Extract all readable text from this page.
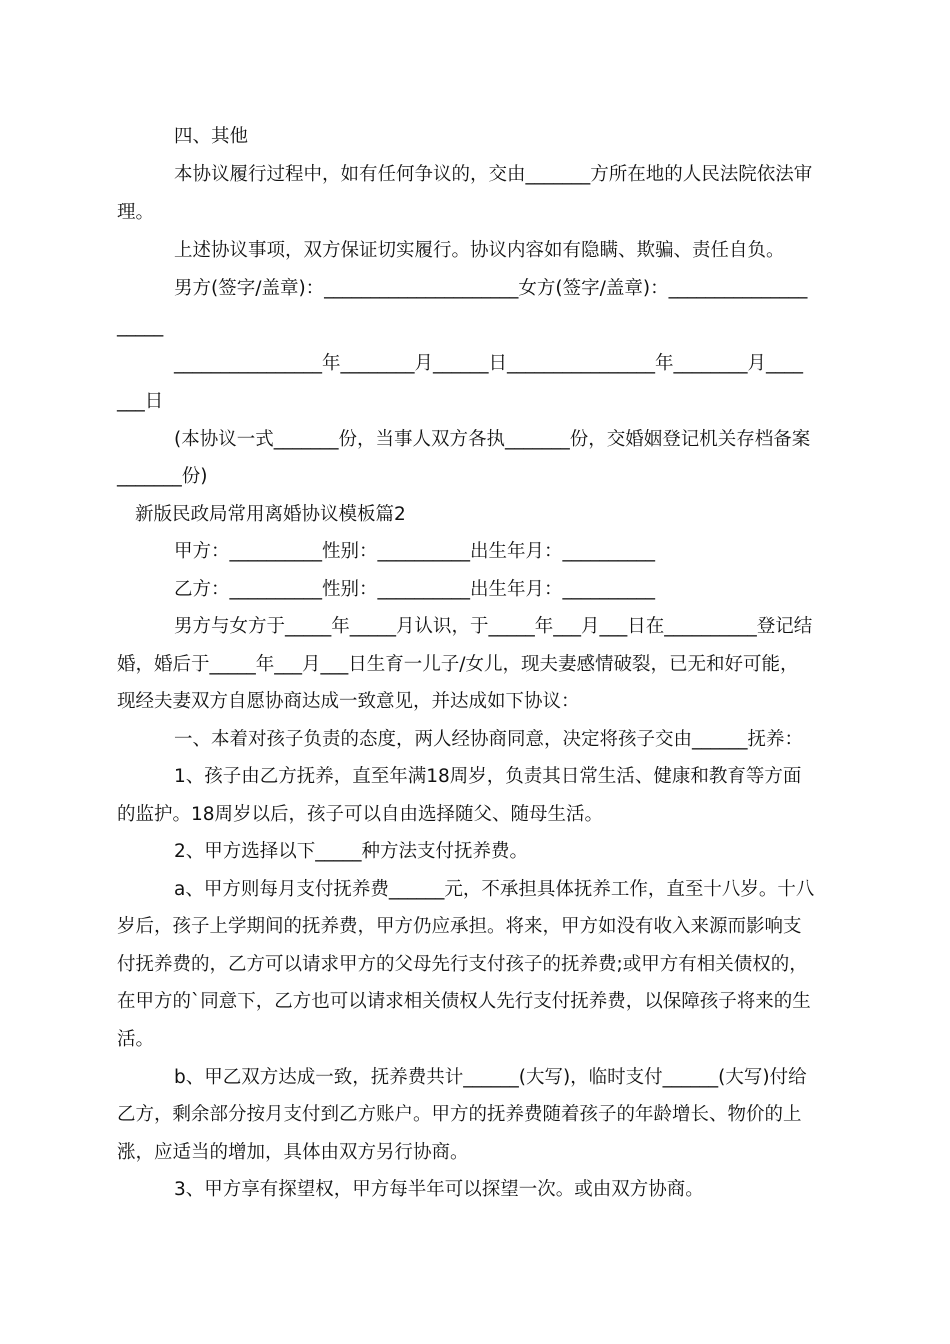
四、其他
本协议履行过程中，如有任何争议的，交由_______方所在地的人民法院依法审
理。
上述协议事项，双方保证切实履行。协议内容如有隐瞒、欺骗、责任自负。
男方(签字/盖章)：_____________________女方(签字/盖章)：_______________
_____
________________年________月______日________________年________月____
___日
(本协议一式_______份，当事人双方各执_______份，交婚姻登记机关存档备案
_______份)
新版民政局常用离婚协议模板篇2
甲方：__________性别：__________出生年月：__________
乙方：__________性别：__________出生年月：__________
男方与女方于_____年_____月认识，于_____年___月___日在__________登记结
婚，婚后于_____年___月___日生育一儿子/女儿，现夫妻感情破裂，已无和好可能，
现经夫妻双方自愿协商达成一致意见，并达成如下协议：
一、本着对孩子负责的态度，两人经协商同意，决定将孩子交由______抚养：
1、孩子由乙方抚养，直至年满18周岁，负责其日常生活、健康和教育等方面
的监护。18周岁以后，孩子可以自由选择随父、随母生活。
2、甲方选择以下_____种方法支付抚养费。
a、甲方则每月支付抚养费______元，不承担具体抚养工作，直至十八岁。十八
岁后，孩子上学期间的抚养费，甲方仍应承担。将来，甲方如没有收入来源而影响支
付抚养费的，乙方可以请求甲方的父母先行支付孩子的抚养费;或甲方有相关债权的，
在甲方的`同意下，乙方也可以请求相关债权人先行支付抚养费，以保障孩子将来的生
活。
b、甲乙双方达成一致，抚养费共计______(大写)，临时支付______(大写)付给
乙方，剩余部分按月支付到乙方账户。甲方的抚养费随着孩子的年龄增长、物价的上
涨，应适当的增加，具体由双方另行协商。
3、甲方享有探望权，甲方每半年可以探望一次。或由双方协商。
